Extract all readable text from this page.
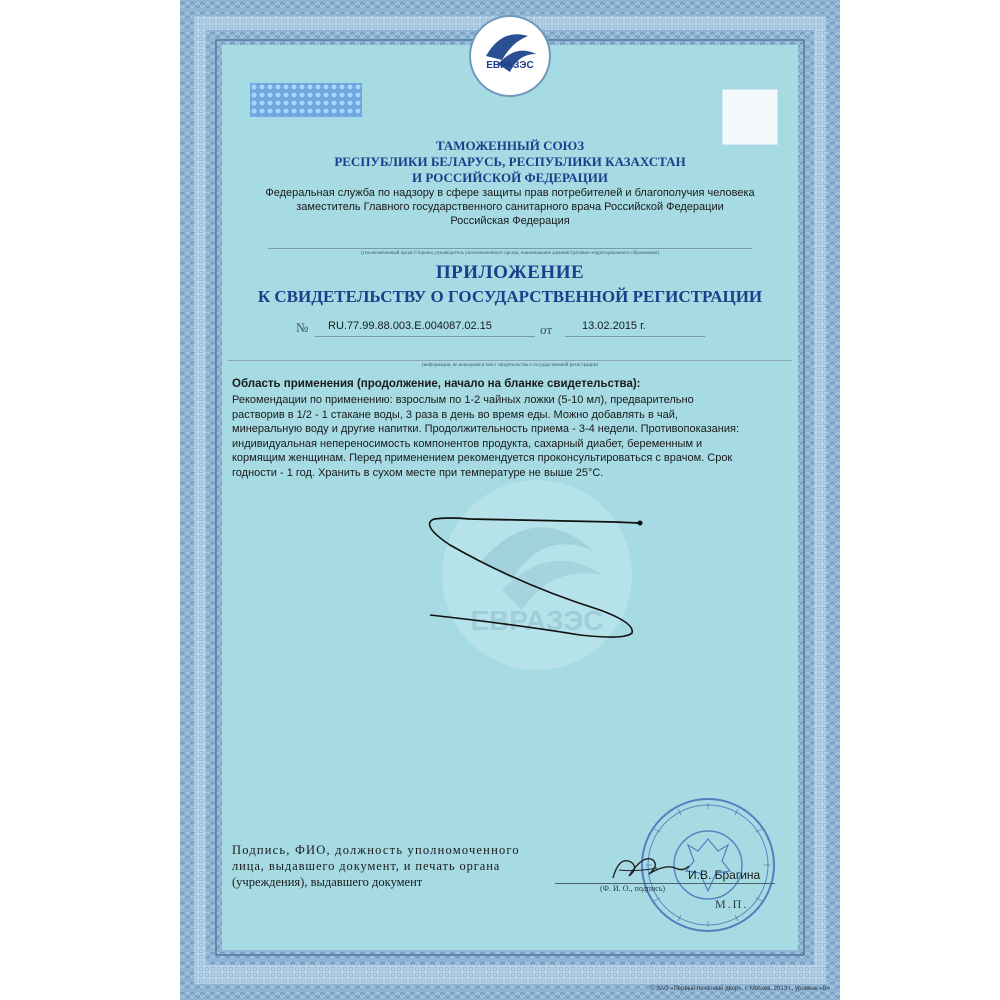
ЕВРАЗЭС
ЕВРАЗЭС
ТАМОЖЕННЫЙ СОЮЗ
РЕСПУБЛИКИ БЕЛАРУСЬ, РЕСПУБЛИКИ КАЗАХСТАН
И РОССИЙСКОЙ ФЕДЕРАЦИИ
Федеральная служба по надзору в сфере защиты прав потребителей и благополучия человека
заместитель Главного государственного санитарного врача Российской Федерации
Российская Федерация
(уполномоченный орган Стороны, руководитель уполномоченного органа, наименование административно-территориального образования)
ПРИЛОЖЕНИЕ
К СВИДЕТЕЛЬСТВУ О ГОСУДАРСТВЕННОЙ РЕГИСТРАЦИИ
№ RU.77.99.88.003.E.004087.02.15	от	13.02.2015 г.
(информация, не вошедшая в текст свидетельства о государственной регистрации)
Область применения (продолжение, начало на бланке свидетельства):
Рекомендации по применению: взрослым по 1-2 чайных ложки (5-10 мл), предварительно
растворив в 1/2 - 1 стакане воды, 3 раза в день во время еды. Можно добавлять в чай,
минеральную воду и другие напитки. Продолжительность приема - 3-4 недели. Противопоказания:
индивидуальная непереносимость компонентов продукта, сахарный диабет, беременным и
кормящим женщинам. Перед применением рекомендуется проконсультироваться с врачом. Срок
годности - 1 год. Хранить в сухом месте при температуре не выше 25°С.
Подпись, ФИО, должность уполномоченного
лица, выдавшего документ, и печать органа
(учреждения), выдавшего документ	И.В. Брагина
(Ф. И. О., подпись)
М.П.
© ЗАО «Первый печатный двор», г. Москва, 2013 г., уровень «B»
